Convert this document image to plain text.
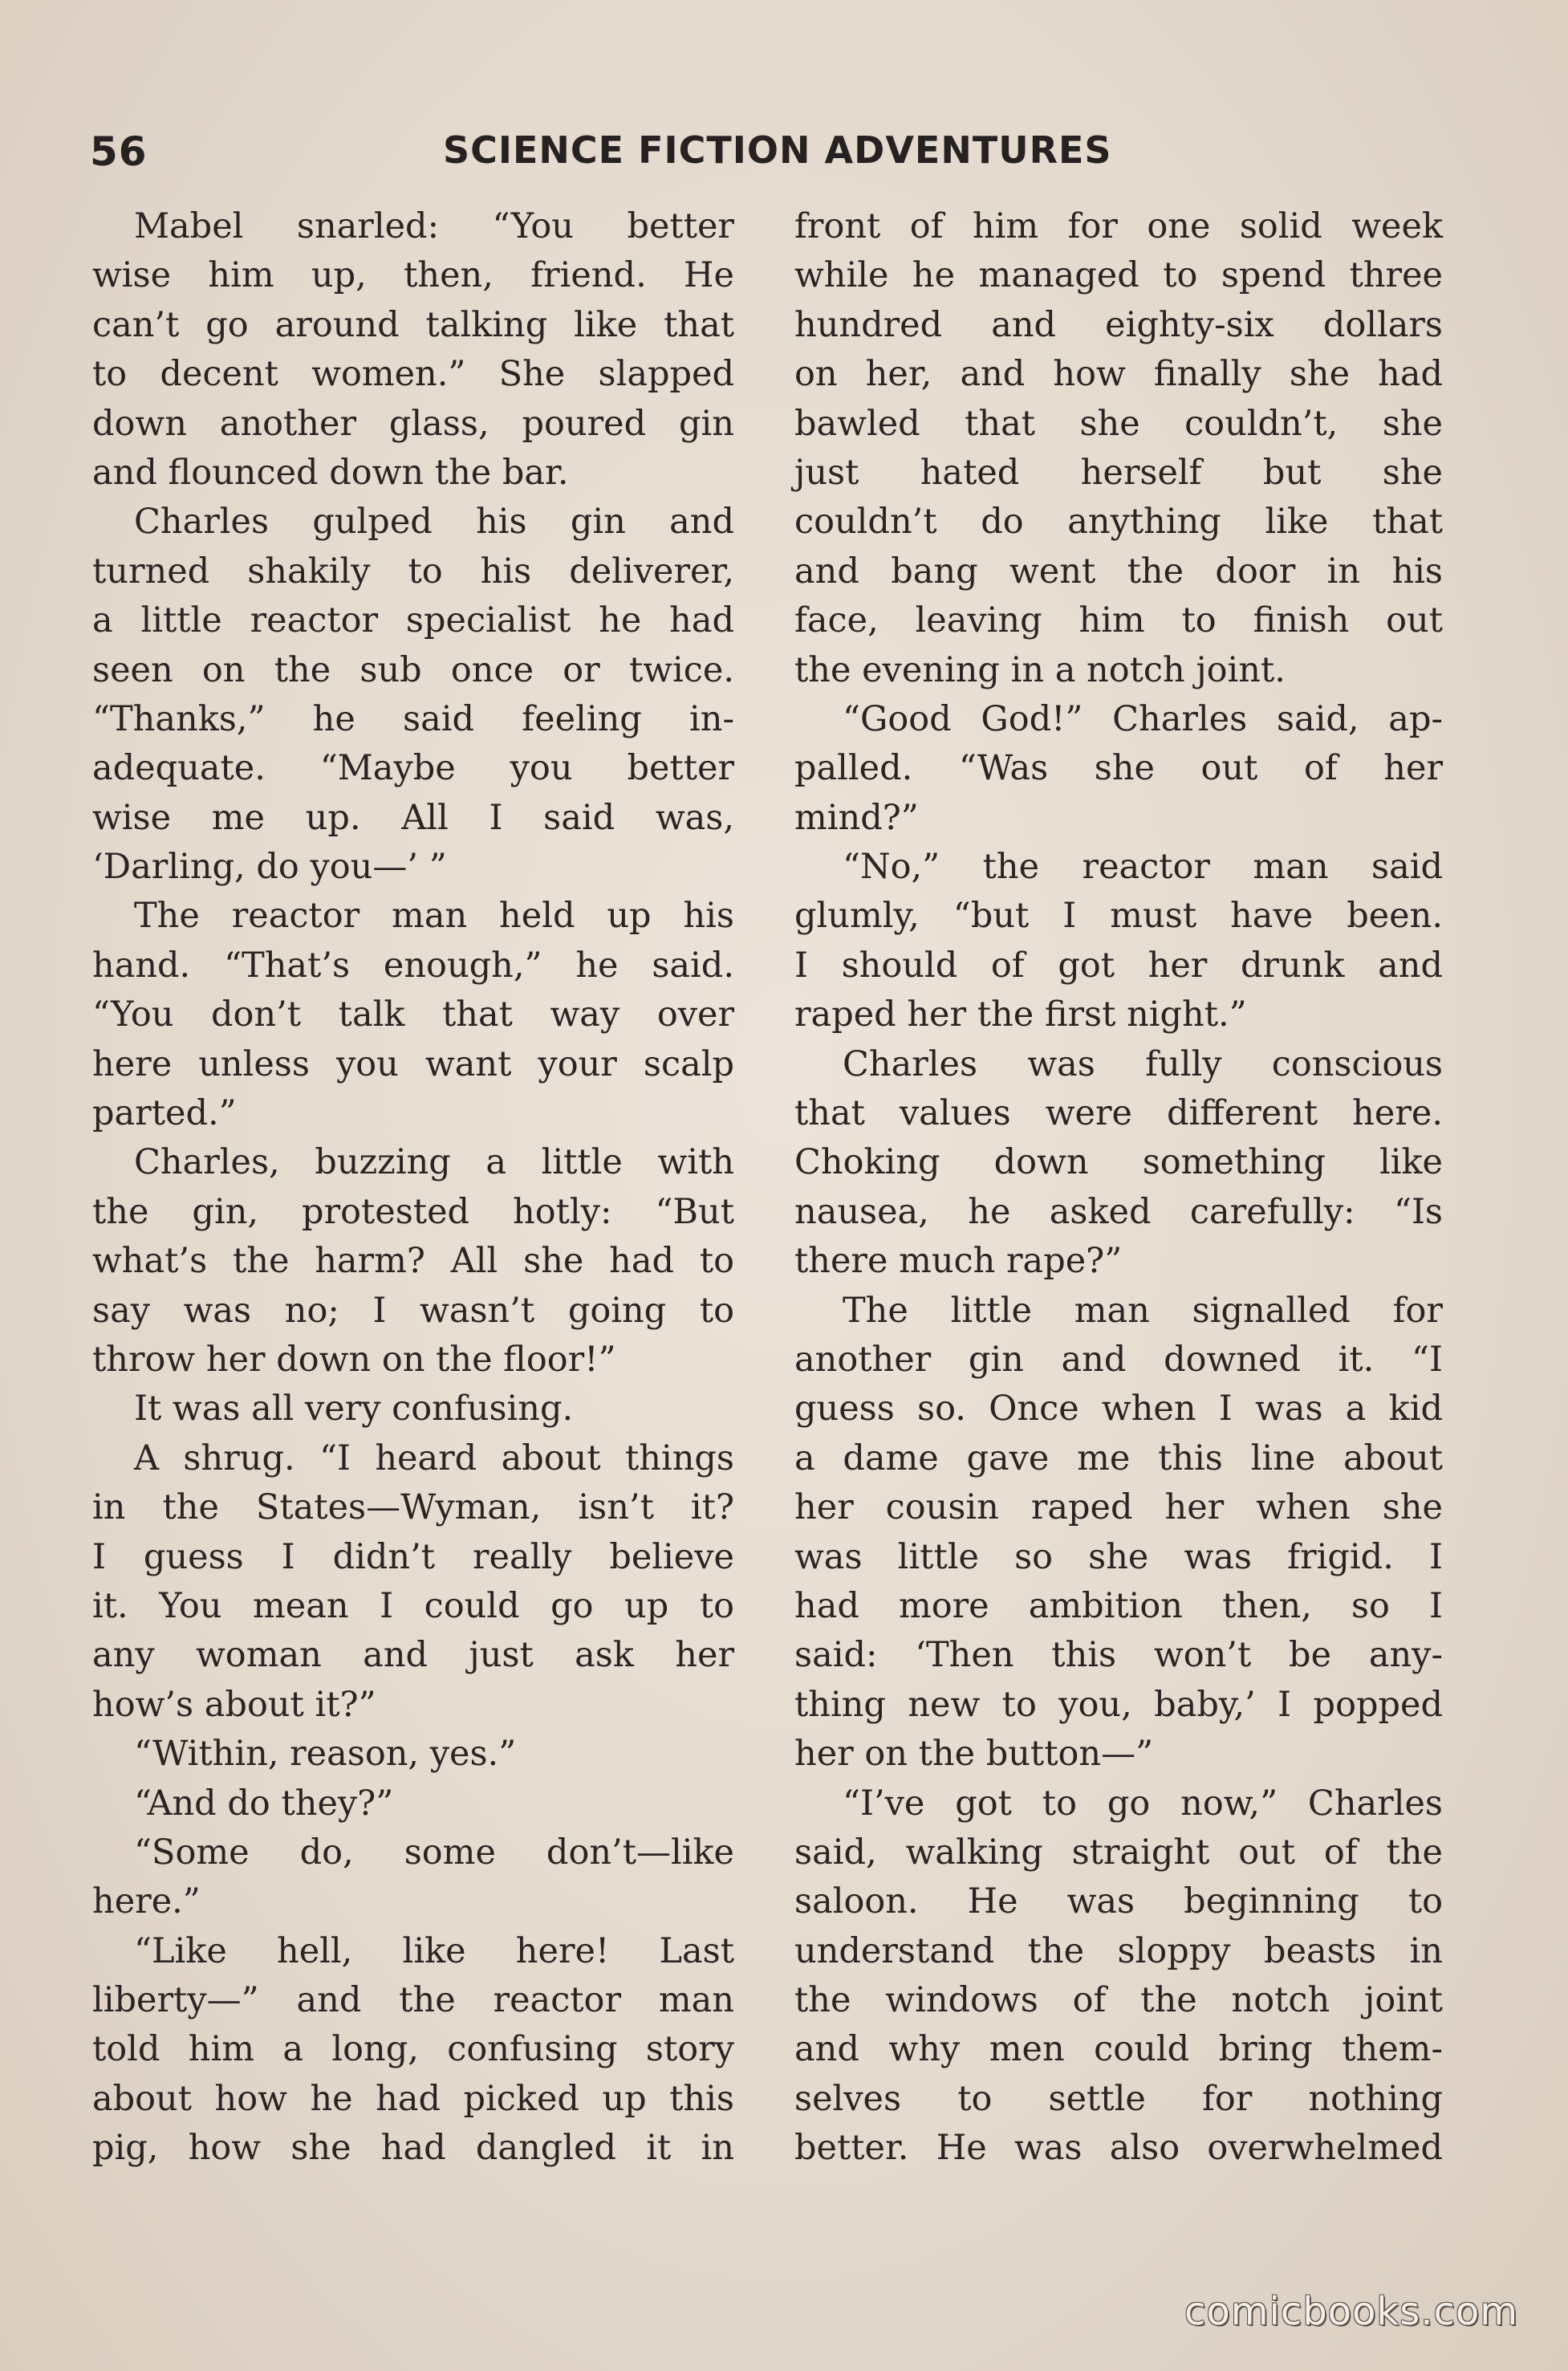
56	SCIENCE FICTION ADVENTURES
Mabel snarled: “You better
wise him up, then, friend. He
can’t go around talking like that
to decent women.” She slapped
down another glass, poured gin
and flounced down the bar.
Charles gulped his gin and
turned shakily to his deliverer,
a little reactor specialist he had
seen on the sub once or twice.
“Thanks,” he said feeling in-
adequate. “Maybe you better
wise me up. All I said was,
‘Darling, do you—’ ”
The reactor man held up his
hand. “That’s enough,” he said.
“You don’t talk that way over
here unless you want your scalp
parted.”
Charles, buzzing a little with
the gin, protested hotly: “But
what’s the harm? All she had to
say was no; I wasn’t going to
throw her down on the floor!”
It was all very confusing.
A shrug. “I heard about things
in the States—Wyman, isn’t it?
I guess I didn’t really believe
it. You mean I could go up to
any woman and just ask her
how’s about it?”
“Within, reason, yes.”
“And do they?”
“Some do, some don’t—like
here.”
“Like hell, like here! Last
liberty—” and the reactor man
told him a long, confusing story
about how he had picked up this
pig, how she had dangled it in
front of him for one solid week
while he managed to spend three
hundred and eighty-six dollars
on her, and how finally she had
bawled that she couldn’t, she
just hated herself but she
couldn’t do anything like that
and bang went the door in his
face, leaving him to finish out
the evening in a notch joint.
“Good God!” Charles said, ap-
palled. “Was she out of her
mind?”
“No,” the reactor man said
glumly, “but I must have been.
I should of got her drunk and
raped her the first night.”
Charles was fully conscious
that values were different here.
Choking down something like
nausea, he asked carefully: “Is
there much rape?”
The little man signalled for
another gin and downed it. “I
guess so. Once when I was a kid
a dame gave me this line about
her cousin raped her when she
was little so she was frigid. I
had more ambition then, so I
said: ‘Then this won’t be any-
thing new to you, baby,’ I popped
her on the button—”
“I’ve got to go now,” Charles
said, walking straight out of the
saloon. He was beginning to
understand the sloppy beasts in
the windows of the notch joint
and why men could bring them-
selves to settle for nothing
better. He was also overwhelmed
comicbooks.com
